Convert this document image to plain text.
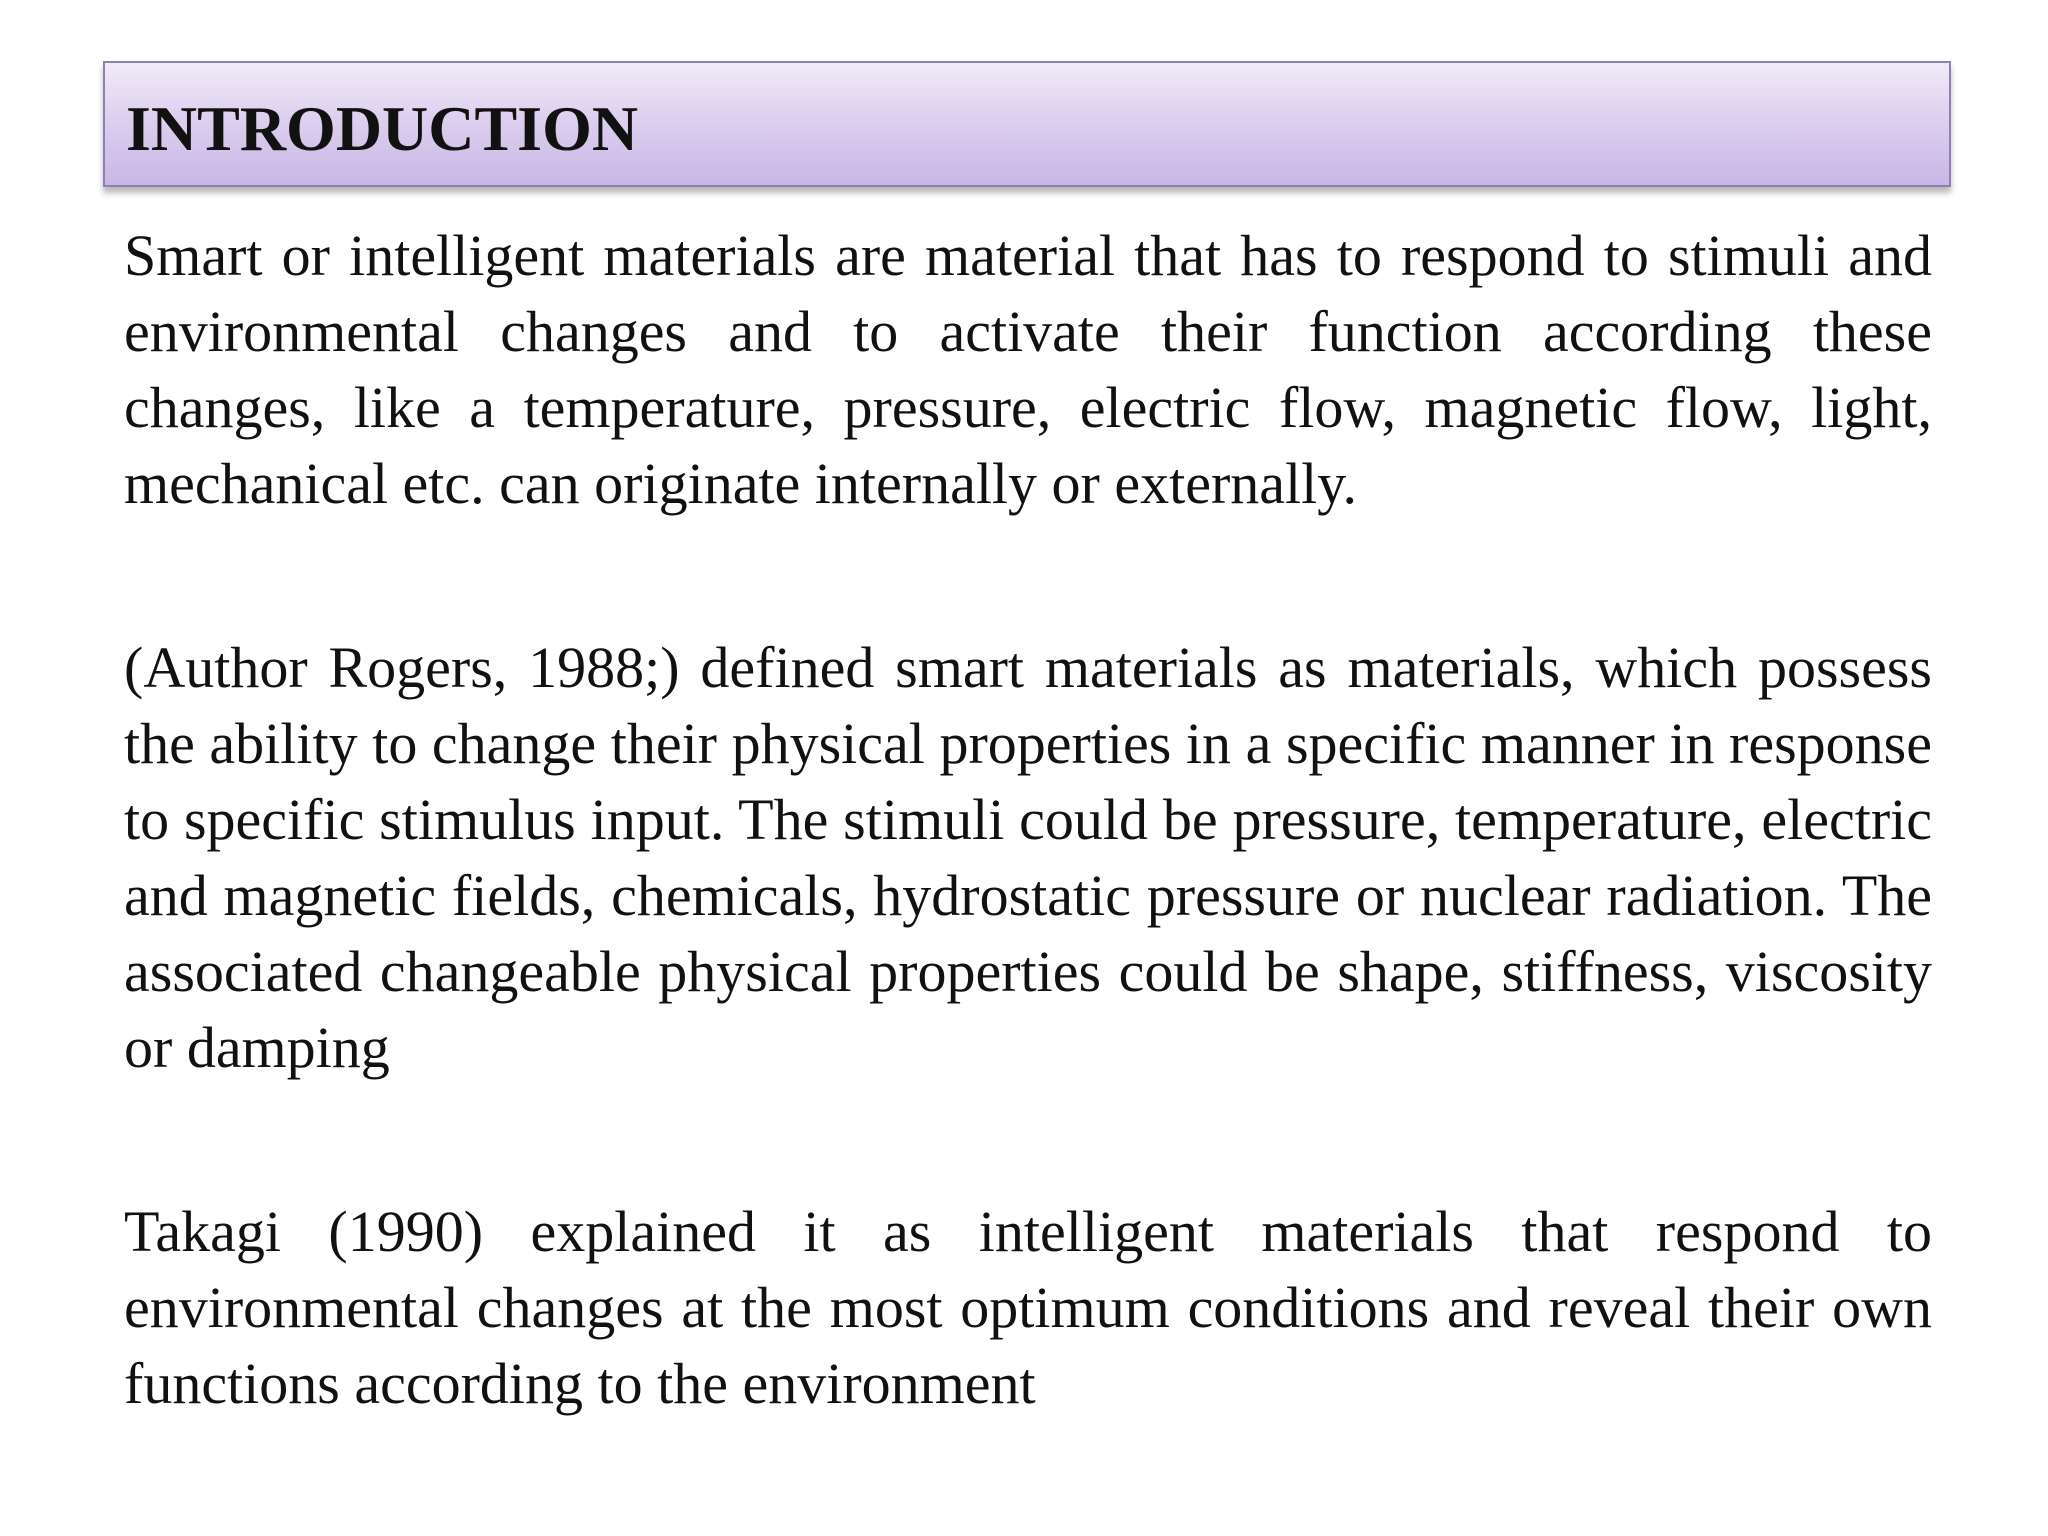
INTRODUCTION

Smart or intelligent materials are material that has to respond to stimuli and environmental changes and to activate their function according these changes, like a temperature, pressure, electric flow, magnetic flow, light, mechanical etc. can originate internally or externally.

(Author Rogers, 1988;) defined smart materials as materials, which possess the ability to change their physical properties in a specific manner in response to specific stimulus input. The stimuli could be pressure, temperature, electric and magnetic fields, chemicals, hydrostatic pressure or nuclear radiation. The associated changeable physical properties could be shape, stiffness, viscosity or damping

Takagi (1990) explained it as intelligent materials that respond to environmental changes at the most optimum conditions and reveal their own functions according to the environment
